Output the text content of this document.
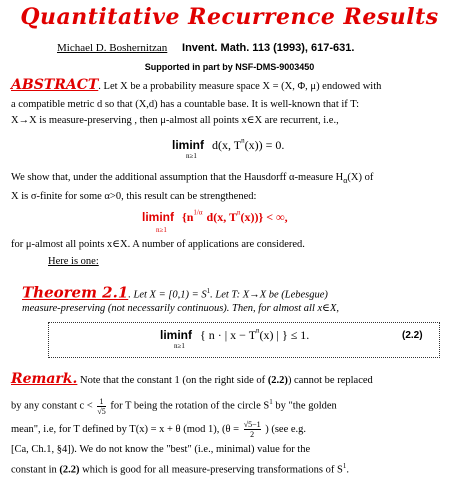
Quantitative Recurrence Results
Michael D. Boshernitzan Invent. Math. 113 (1993), 617-631.
Supported in part by NSF-DMS-9003450
ABSTRACT. Let X be a probability measure space X = (X, Φ, μ) endowed with
a compatible metric d so that (X,d) has a countable base. It is well-known that if T:
X→X is measure-preserving , then μ-almost all points x∈X are recurrent, i.e.,
liminf d(x, $T^n(x)) = 0$.
n≥1
We show that, under the additional assumption that the Hausdorff α-measure $H_\alpha(X)$ of
X is σ-finite for some α>0, this result can be strengthened:
liminf {$n^{1/\alpha}$ d(x, $T^n(x)$)} < ∞,
n≥1
for μ-almost all points x∈X. A number of applications are considered.
Here is one:
Theorem 2.1. Let $X = [0,1) = S^1$. Let T: X→X be (Lebesgue)
measure-preserving (not necessarily continuous). Then, for almost all x∈X,
liminf { n · | $x - T^n(x)$ | } ≤ 1.
n≥1
(2.2)
Remark. Note that the constant 1 (on the right side of (2.2)) cannot be replaced
by any constant $c < \frac{1}{√5}$ for T being the rotation of the circle $S^1$ by "the golden
mean", i.e, for T defined by T(x) = x + θ (mod 1), ($\theta = \frac{√5-1}{2}$ ) (see e.g.
[Ca, Ch.1, §4]). We do not know the "best" (i.e., minimal) value for the
constant in (2.2) which is good for all measure-preserving transformations of $S^1$.
